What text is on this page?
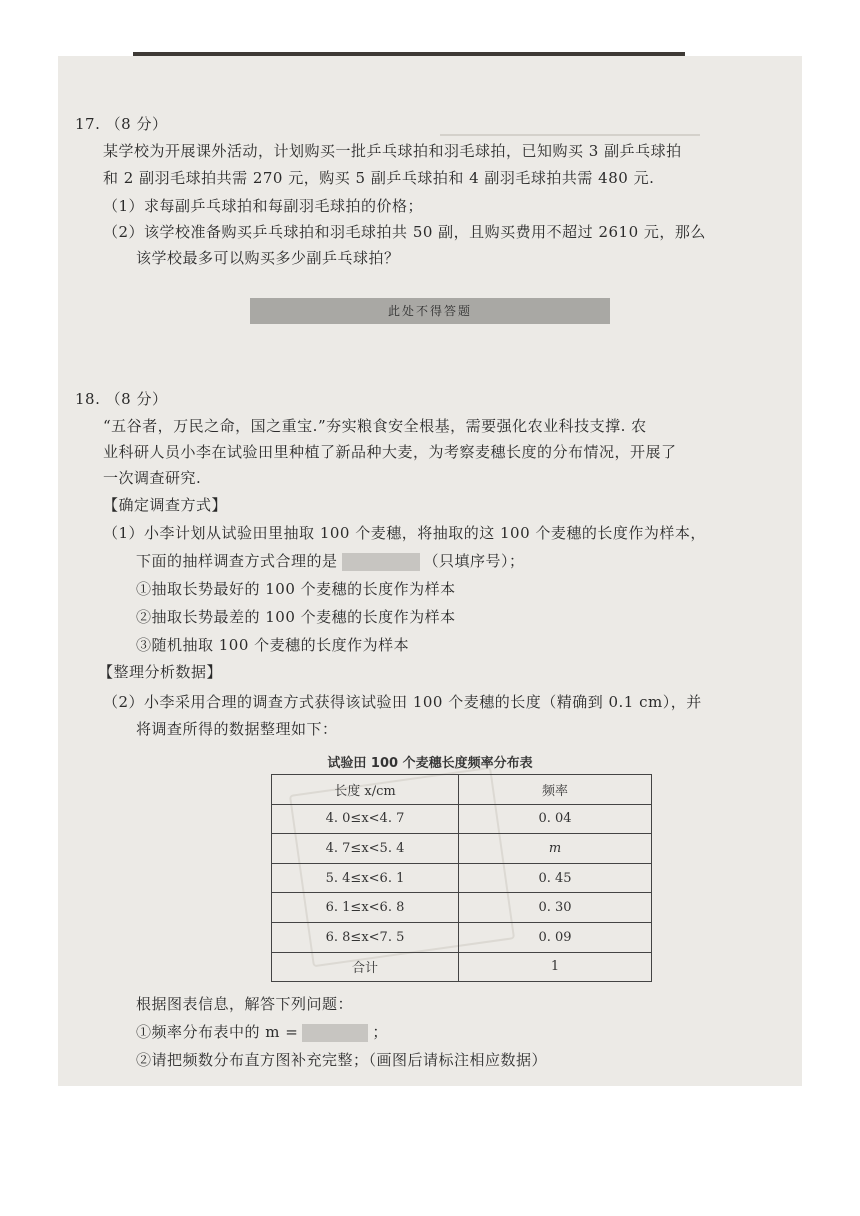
17. （8 分）
某学校为开展课外活动，计划购买一批乒乓球拍和羽毛球拍，已知购买 3 副乒乓球拍
和 2 副羽毛球拍共需 270 元，购买 5 副乒乓球拍和 4 副羽毛球拍共需 480 元.
（1）求每副乒乓球拍和每副羽毛球拍的价格；
（2）该学校准备购买乒乓球拍和羽毛球拍共 50 副，且购买费用不超过 2610 元，那么
该学校最多可以购买多少副乒乓球拍？
此处不得答题
18. （8 分）
“五谷者，万民之命，国之重宝.”夯实粮食安全根基，需要强化农业科技支撑. 农
业科研人员小李在试验田里种植了新品种大麦，为考察麦穗长度的分布情况，开展了
一次调查研究.
【确定调查方式】
（1）小李计划从试验田里抽取 100 个麦穗，将抽取的这 100 个麦穗的长度作为样本，
下面的抽样调查方式合理的是	（只填序号）；
①抽取长势最好的 100 个麦穗的长度作为样本
②抽取长势最差的 100 个麦穗的长度作为样本
③随机抽取 100 个麦穗的长度作为样本
【整理分析数据】
（2）小李采用合理的调查方式获得该试验田 100 个麦穗的长度（精确到 0.1 cm），并
将调查所得的数据整理如下：
试验田 100 个麦穗长度频率分布表
长度 x/cm	频率
4. 0≤x<4. 7	0. 04
4. 7≤x<5. 4	m
5. 4≤x<6. 1	0. 45
6. 1≤x<6. 8	0. 30
6. 8≤x<7. 5	0. 09
合计	1
根据图表信息，解答下列问题：
①频率分布表中的 m =	；
②请把频数分布直方图补充完整；（画图后请标注相应数据）
